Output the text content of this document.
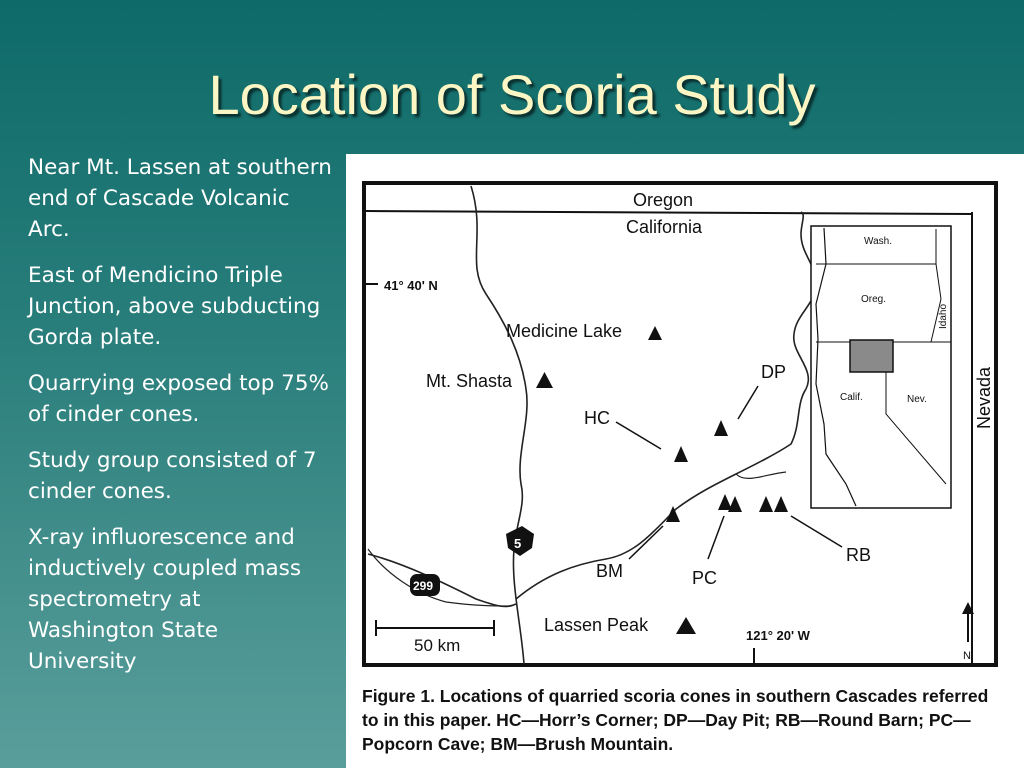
Location of Scoria Study

Near Mt. Lassen at southern end of Cascade Volcanic Arc.

East of Mendicino Triple Junction, above subducting Gorda plate.

Quarrying exposed top 75% of cinder cones.

Study group consisted of 7 cinder cones.

X-ray influorescence and inductively coupled mass spectrometry at Washington State University

41° 40' N
Oregon
California
Nevada
Medicine Lake
Mt. Shasta
Lassen Peak
HC
DP
BM	PC
RB
5
299
50 km
121° 20' W
N
Wash.
Oreg.
Idaho
Calif.	Nev.
Figure 1. Locations of quarried scoria cones in southern Cascades referred to in this paper. HC—Horr’s Corner; DP—Day Pit; RB—Round Barn; PC—Popcorn Cave; BM—Brush Mountain.
